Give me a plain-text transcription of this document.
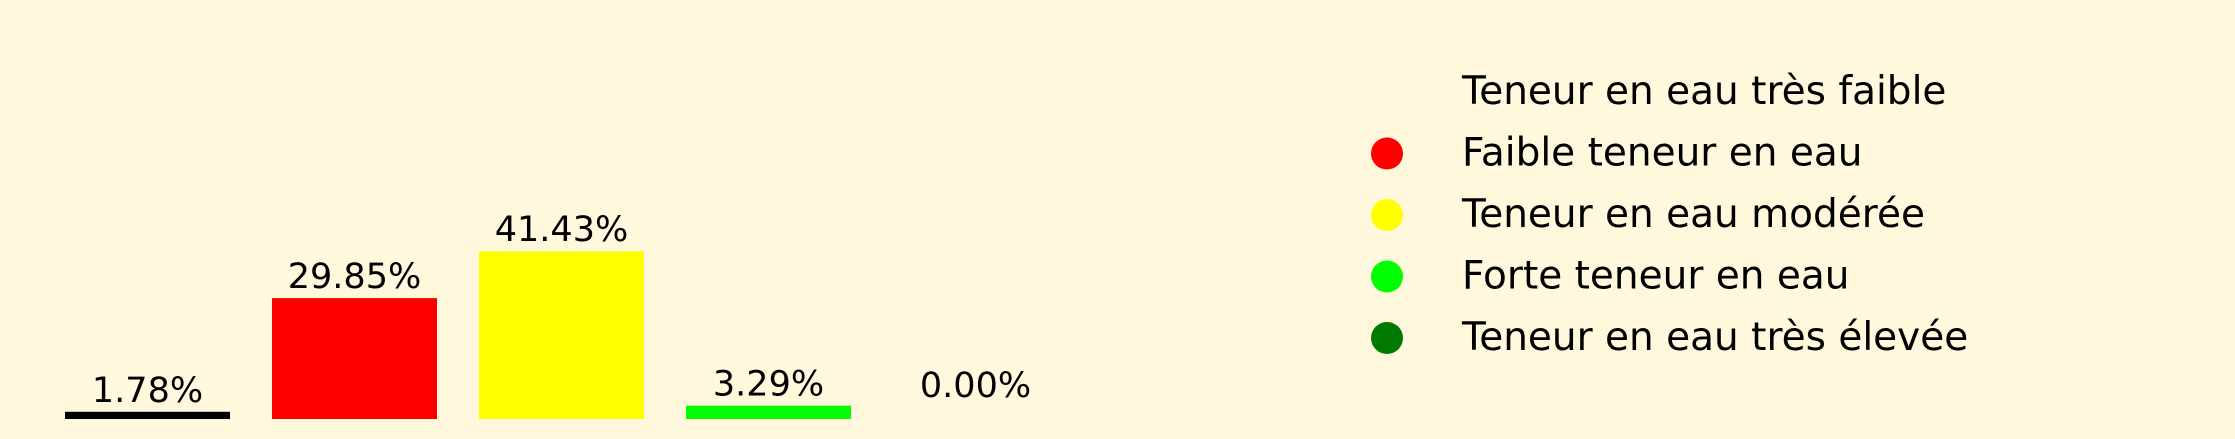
1.78%
29.85%
41.43%
3.29%	0.00%
Teneur en eau très faible
Faible teneur en eau
Teneur en eau modérée
Forte teneur en eau
Teneur en eau très élevée
